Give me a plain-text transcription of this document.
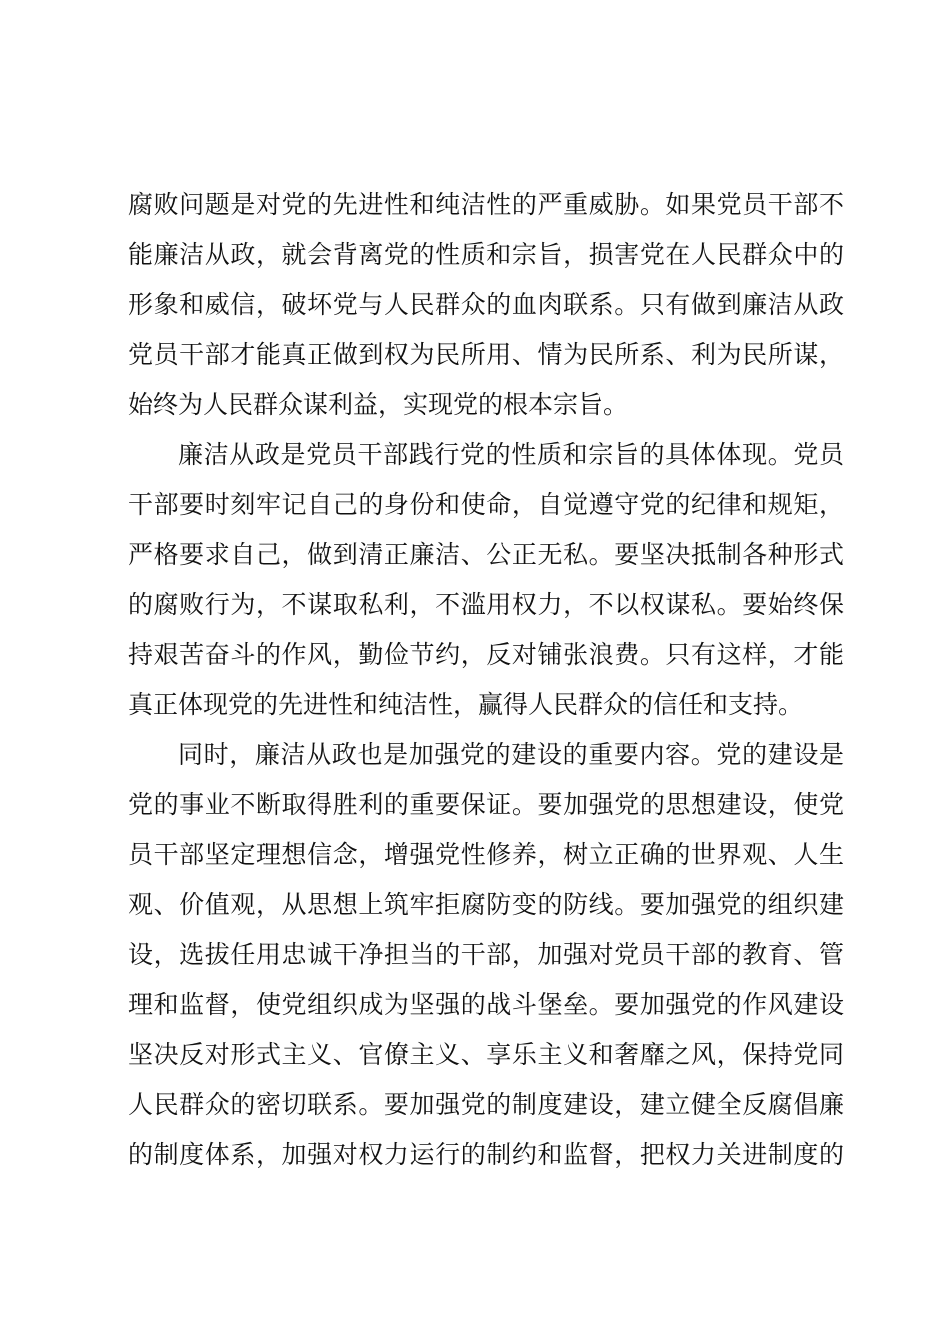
腐败问题是对党的先进性和纯洁性的严重威胁。如果党员干部不
能廉洁从政，就会背离党的性质和宗旨，损害党在人民群众中的
形象和威信，破坏党与人民群众的血肉联系。只有做到廉洁从政
党员干部才能真正做到权为民所用、情为民所系、利为民所谋，
始终为人民群众谋利益，实现党的根本宗旨。
廉洁从政是党员干部践行党的性质和宗旨的具体体现。党员
干部要时刻牢记自己的身份和使命，自觉遵守党的纪律和规矩，
严格要求自己，做到清正廉洁、公正无私。要坚决抵制各种形式
的腐败行为，不谋取私利，不滥用权力，不以权谋私。要始终保
持艰苦奋斗的作风，勤俭节约，反对铺张浪费。只有这样，才能
真正体现党的先进性和纯洁性，赢得人民群众的信任和支持。
同时，廉洁从政也是加强党的建设的重要内容。党的建设是
党的事业不断取得胜利的重要保证。要加强党的思想建设，使党
员干部坚定理想信念，增强党性修养，树立正确的世界观、人生
观、价值观，从思想上筑牢拒腐防变的防线。要加强党的组织建
设，选拔任用忠诚干净担当的干部，加强对党员干部的教育、管
理和监督，使党组织成为坚强的战斗堡垒。要加强党的作风建设
坚决反对形式主义、官僚主义、享乐主义和奢靡之风，保持党同
人民群众的密切联系。要加强党的制度建设，建立健全反腐倡廉
的制度体系，加强对权力运行的制约和监督，把权力关进制度的
